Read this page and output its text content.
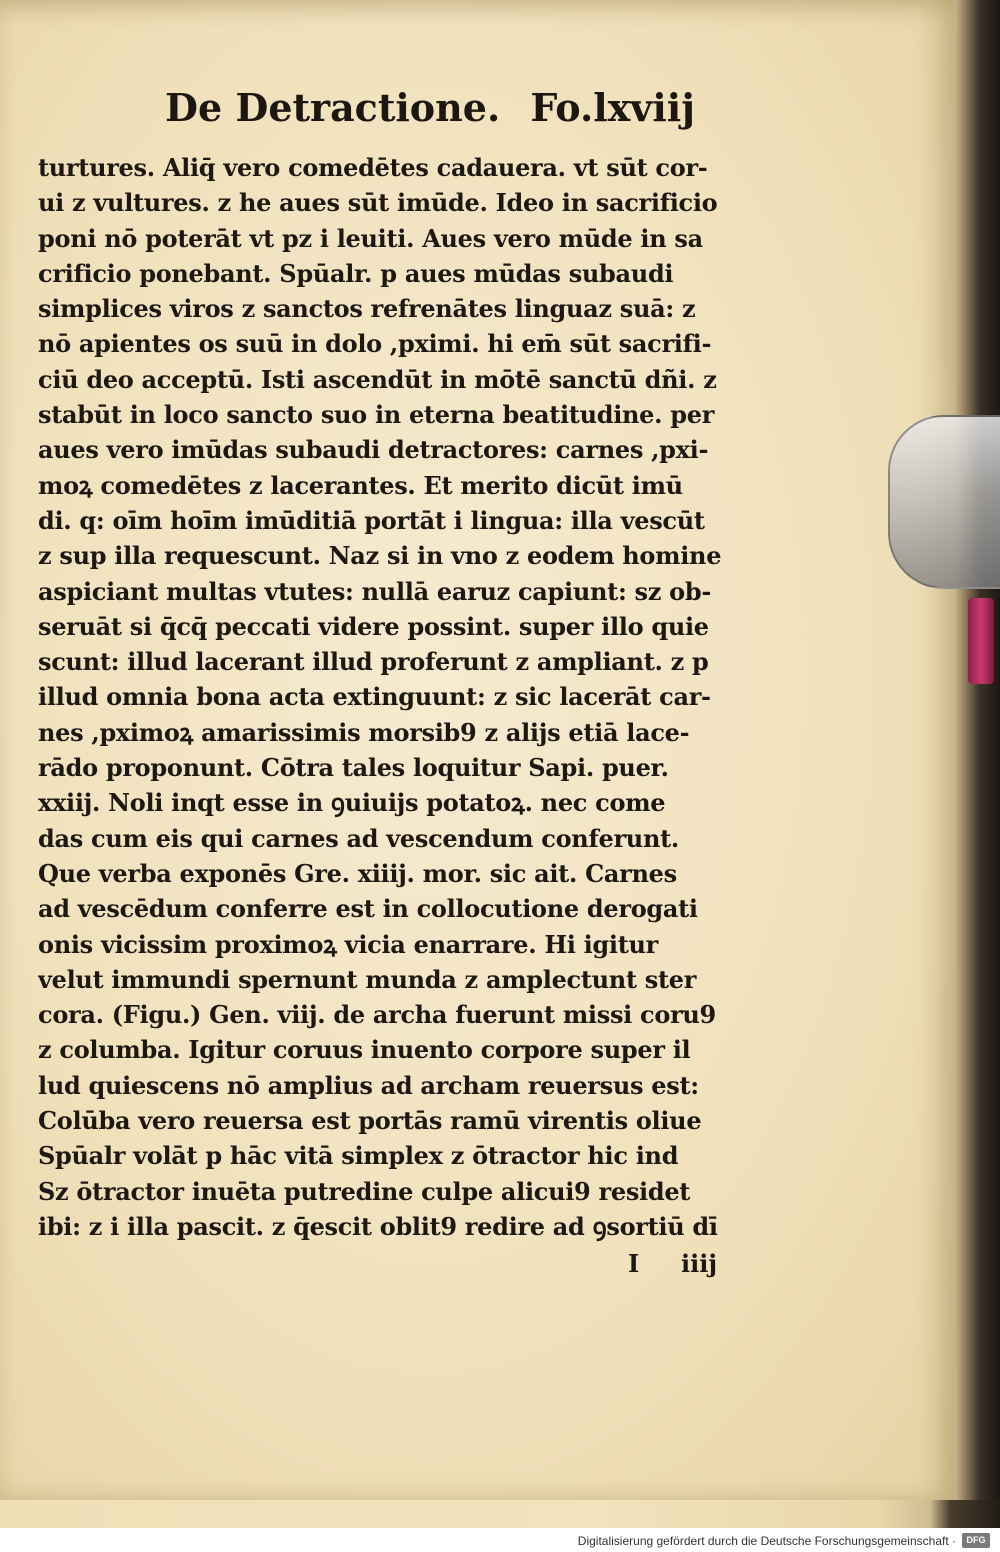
De Detractione. Fo.lxviij
turtures. Aliq̄ vero comedētes cadauera. vt sūt cor-
ui z vultures. z he aues sūt imūde. Ideo in sacrificio
poni nō poterāt vt pz i leuiti. Aues vero mūde in sa
crificio ponebant. Spūalr. p aues mūdas subaudi
simplices viros z sanctos refrenātes linguaz suā: z
nō apientes os suū in dolo ,pximi. hi em̄ sūt sacrifi-
ciū deo acceptū. Isti ascendūt in mōtē sanctū dñi. z
stabūt in loco sancto suo in eterna beatitudine. per
aues vero imūdas subaudi detractores: carnes ,pxi-
moꝝ comedētes z lacerantes. Et merito dicūt imū
di. q: oīm hoīm imūditiā portāt i lingua: illa vescūt
z sup illa requescunt. Naz si in vno z eodem homine
aspiciant multas vtutes: nullā earuz capiunt: sz ob-
seruāt si q̄cq̄ peccati videre possint. super illo quie
scunt: illud lacerant illud proferunt z ampliant. z p
illud omnia bona acta extinguunt: z sic lacerāt car-
nes ,pximoꝝ amarissimis morsib9 z alijs etiā lace-
rādo proponunt. Cōtra tales loquitur Sapi. puer.
xxiij. Noli inqt esse in ꝯuiuijs potatoꝝ. nec come
das cum eis qui carnes ad vescendum conferunt.
Que verba exponēs Gre. xiiij. mor. sic ait. Carnes
ad vescēdum conferre est in collocutione derogati
onis vicissim proximoꝝ vicia enarrare. Hi igitur
velut immundi spernunt munda z amplectunt ster
cora. (Figu.) Gen. viij. de archa fuerunt missi coru9
z columba. Igitur coruus inuento corpore super il
lud quiescens nō amplius ad archam reuersus est:
Colūba vero reuersa est portās ramū virentis oliue
Spūalr volāt p hāc vitā simplex z ōtractor hic ind
Sz ōtractor inuēta putredine culpe alicui9 residet
ibi: z i illa pascit. z q̄escit oblit9 redire ad ꝯsortiū dī
I iiij
Digitalisierung gefördert durch die Deutsche Forschungsgemeinschaft ·	DFG
